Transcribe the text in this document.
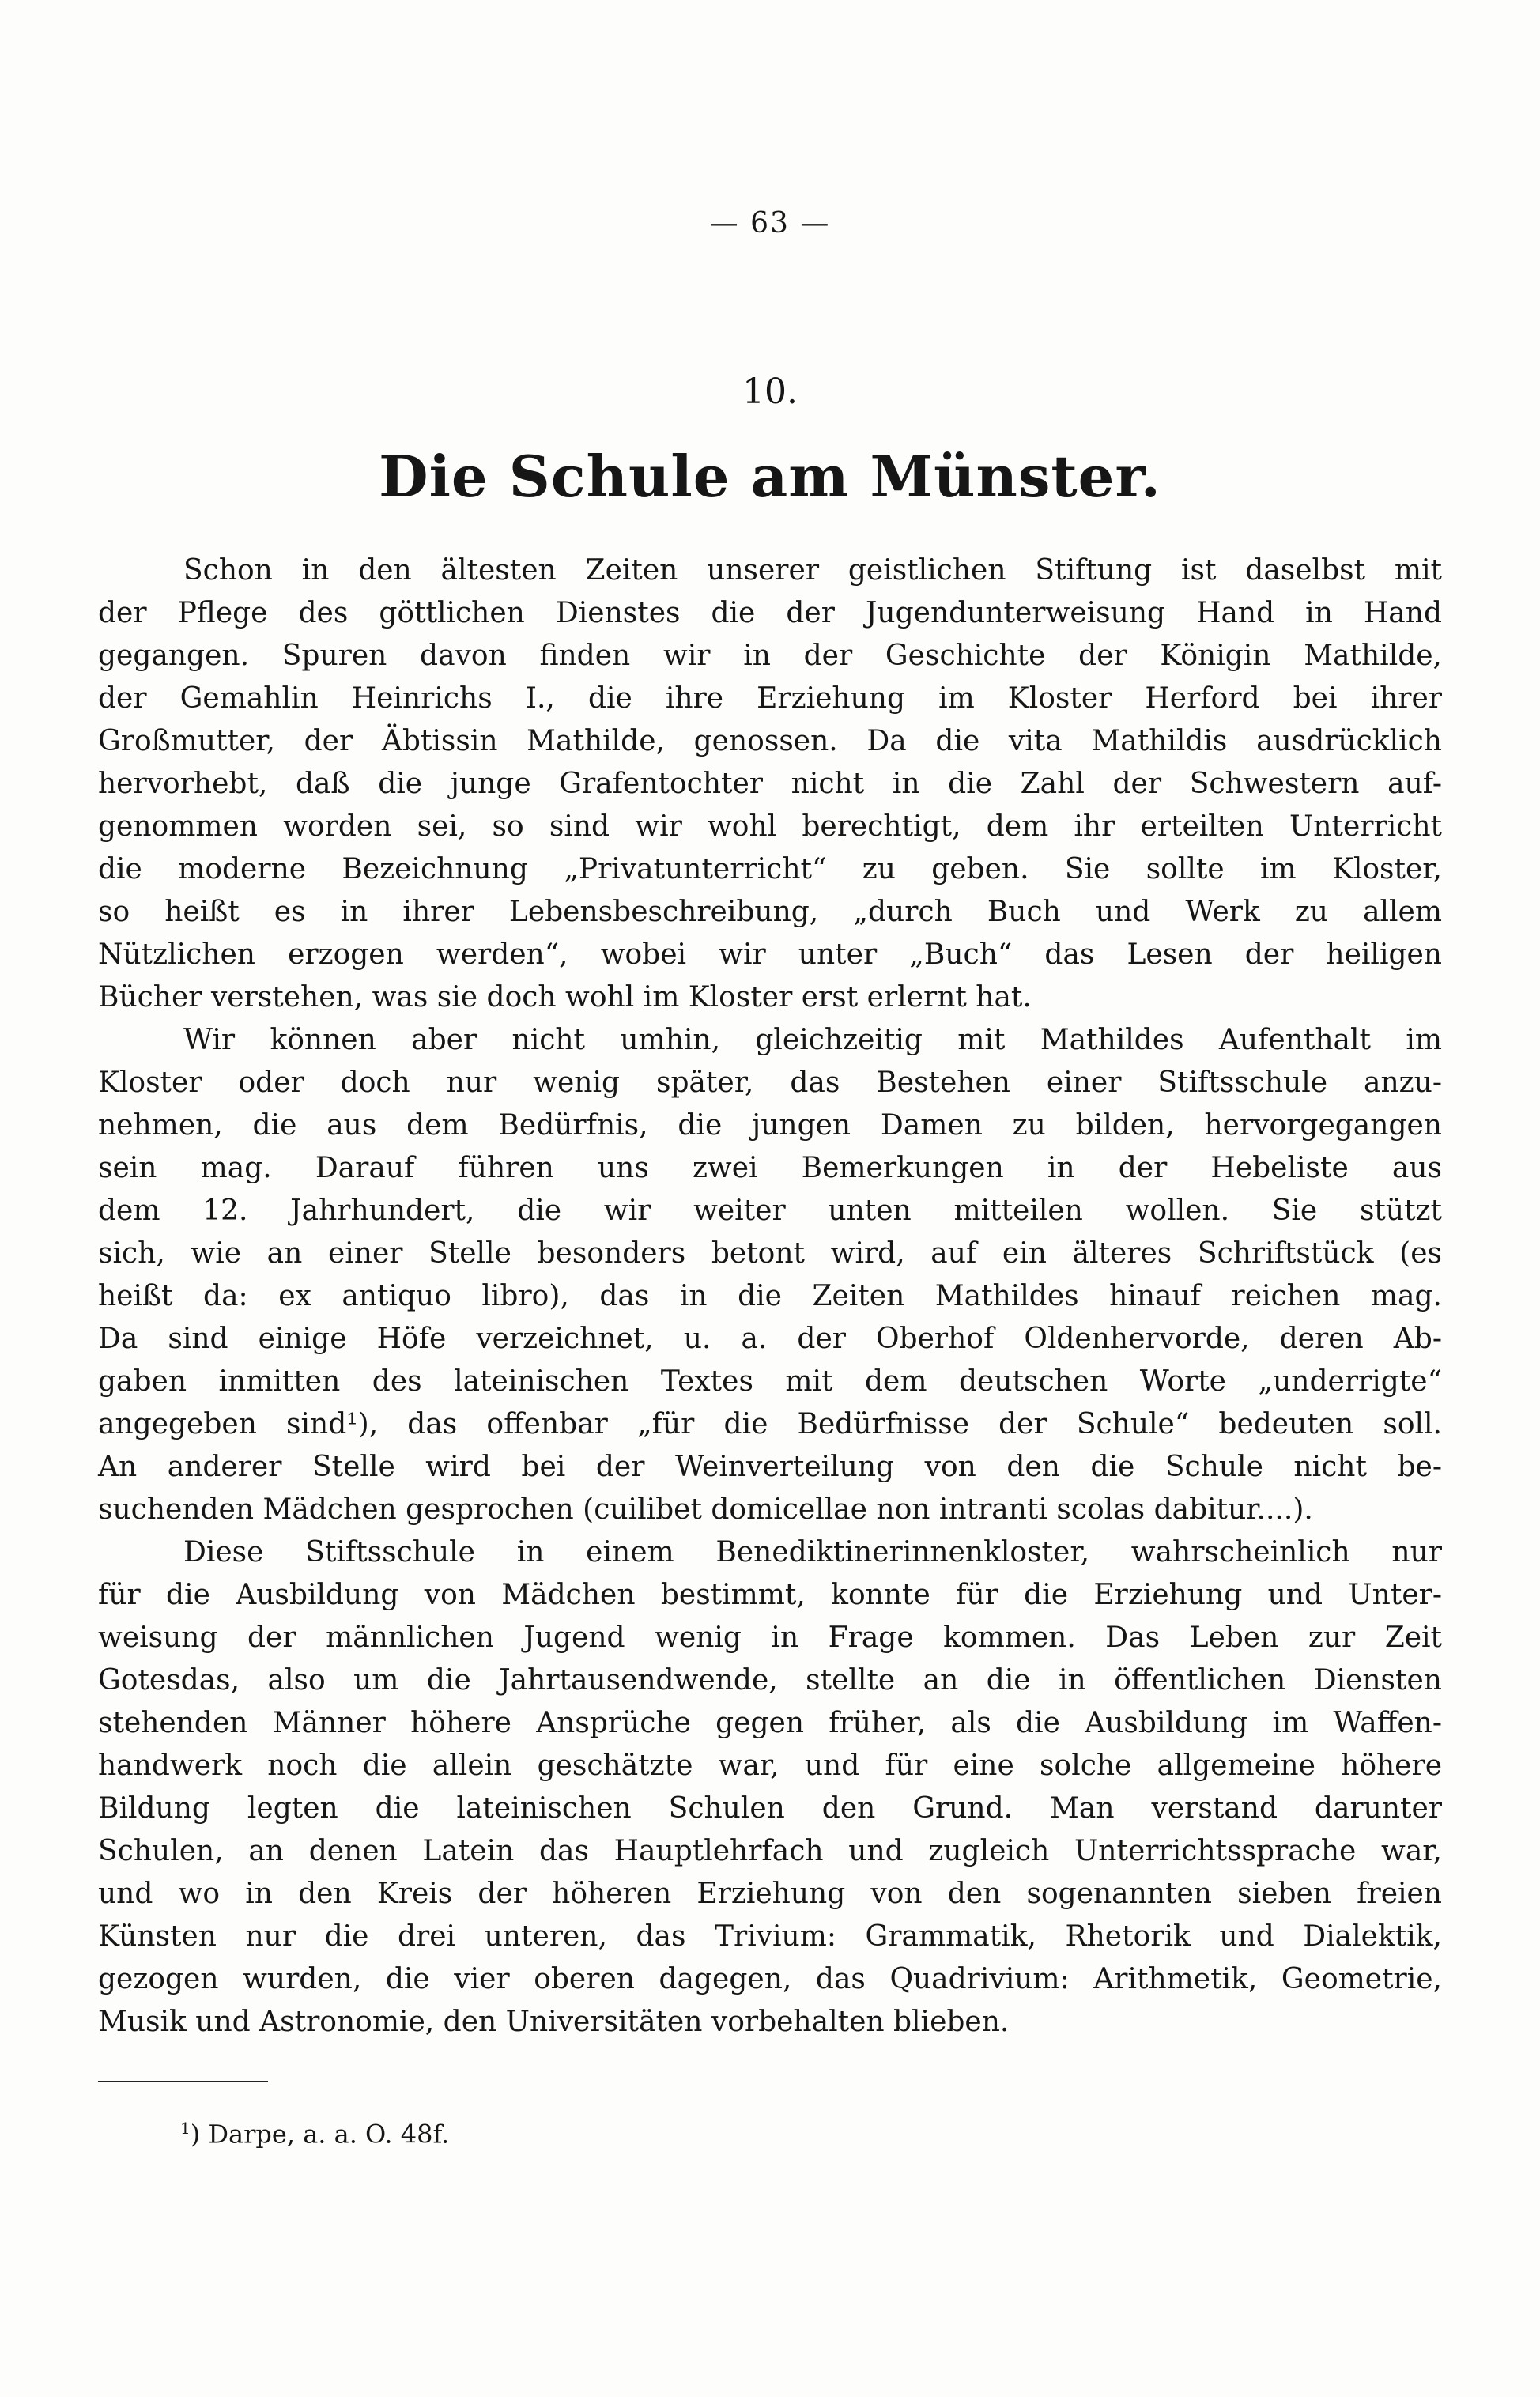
— 63 —
10.
Die Schule am Münster.
Schon in den ältesten Zeiten unserer geistlichen Stiftung ist daselbst mit
der Pflege des göttlichen Dienstes die der Jugendunterweisung Hand in Hand
gegangen. Spuren davon finden wir in der Geschichte der Königin Mathilde,
der Gemahlin Heinrichs I., die ihre Erziehung im Kloster Herford bei ihrer
Großmutter, der Äbtissin Mathilde, genossen. Da die vita Mathildis ausdrücklich
hervorhebt, daß die junge Grafentochter nicht in die Zahl der Schwestern auf-
genommen worden sei, so sind wir wohl berechtigt, dem ihr erteilten Unterricht
die moderne Bezeichnung „Privatunterricht“ zu geben. Sie sollte im Kloster,
so heißt es in ihrer Lebensbeschreibung, „durch Buch und Werk zu allem
Nützlichen erzogen werden“, wobei wir unter „Buch“ das Lesen der heiligen
Bücher verstehen, was sie doch wohl im Kloster erst erlernt hat.
Wir können aber nicht umhin, gleichzeitig mit Mathildes Aufenthalt im
Kloster oder doch nur wenig später, das Bestehen einer Stiftsschule anzu-
nehmen, die aus dem Bedürfnis, die jungen Damen zu bilden, hervorgegangen
sein mag. Darauf führen uns zwei Bemerkungen in der Hebeliste aus
dem 12. Jahrhundert, die wir weiter unten mitteilen wollen. Sie stützt
sich, wie an einer Stelle besonders betont wird, auf ein älteres Schriftstück (es
heißt da: ex antiquo libro), das in die Zeiten Mathildes hinauf reichen mag.
Da sind einige Höfe verzeichnet, u. a. der Oberhof Oldenhervorde, deren Ab-
gaben inmitten des lateinischen Textes mit dem deutschen Worte „underrigte“
angegeben sind¹), das offenbar „für die Bedürfnisse der Schule“ bedeuten soll.
An anderer Stelle wird bei der Weinverteilung von den die Schule nicht be-
suchenden Mädchen gesprochen (cuilibet domicellae non intranti scolas dabitur....).
Diese Stiftsschule in einem Benediktinerinnenkloster, wahrscheinlich nur
für die Ausbildung von Mädchen bestimmt, konnte für die Erziehung und Unter-
weisung der männlichen Jugend wenig in Frage kommen. Das Leben zur Zeit
Gotesdas, also um die Jahrtausendwende, stellte an die in öffentlichen Diensten
stehenden Männer höhere Ansprüche gegen früher, als die Ausbildung im Waffen-
handwerk noch die allein geschätzte war, und für eine solche allgemeine höhere
Bildung legten die lateinischen Schulen den Grund. Man verstand darunter
Schulen, an denen Latein das Hauptlehrfach und zugleich Unterrichtssprache war,
und wo in den Kreis der höheren Erziehung von den sogenannten sieben freien
Künsten nur die drei unteren, das Trivium: Grammatik, Rhetorik und Dialektik,
gezogen wurden, die vier oberen dagegen, das Quadrivium: Arithmetik, Geometrie,
Musik und Astronomie, den Universitäten vorbehalten blieben.
$^1$) Darpe, a. a. O. 48f.
